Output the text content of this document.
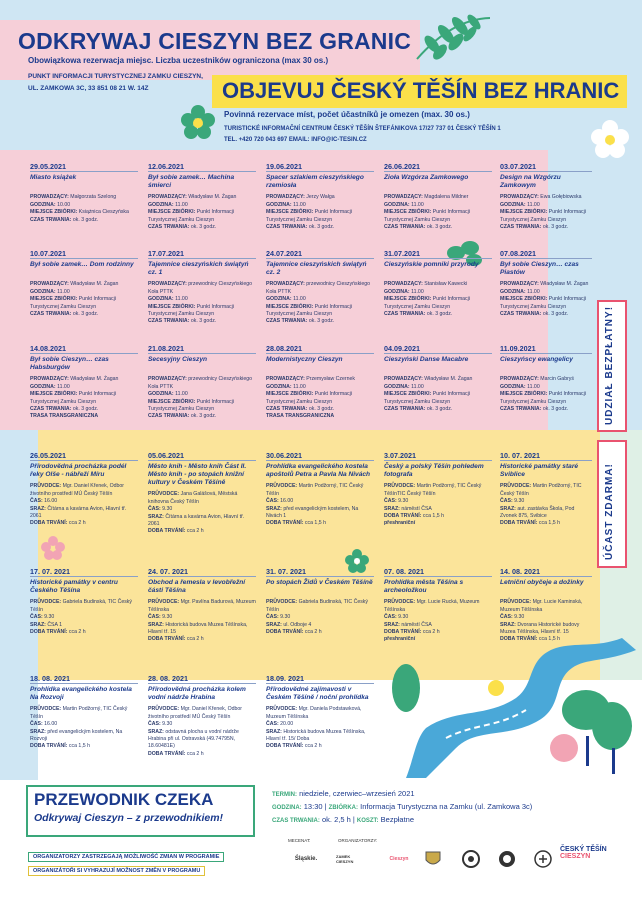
ODKRYWAJ CIESZYN BEZ GRANIC
Obowiązkowa rezerwacja miejsc. Liczba uczestników ograniczona (max 30 os.)
PUNKT INFORMACJI TURYSTYCZNEJ ZAMKU CIESZYN,
UL. ZAMKOWA 3C, 33 851 08 21 W. 14Z	OBJEVUJ ČESKÝ TĚŠÍN BEZ HRANIC
Povinná rezervace míst, počet účastníků je omezen (max. 30 os.)
TURISTICKÉ INFORMAČNÍ CENTRUM ČESKÝ TĚŠÍN ŠTEFÁNIKOVA 17/27 737 01 ČESKÝ TĚŠÍN 1
TEL. +420 720 043 697 EMAIL: INFO@IC-TESIN.CZ
UDZIAŁ BEZPŁATNY!
ÚČAST ZDARMA!
29.05.2021
Miasto książek
PROWADZĄCY: Małgorzata Szelong
GODZINA: 10.00
MIEJSCE ZBIÓRKI: Książnica Cieszyńska
CZAS TRWANIA: ok. 3 godz.
12.06.2021
Był sobie zamek… Machina śmierci
PROWADZĄCY: Władysław M. Żagan
GODZINA: 11.00
MIEJSCE ZBIÓRKI: Punkt Informacji Turystycznej Zamku Cieszyn
CZAS TRWANIA: ok. 3 godz.
19.06.2021
Spacer szlakiem cieszyńskiego rzemiosła
PROWADZĄCY: Jerzy Wałga
GODZINA: 11.00
MIEJSCE ZBIÓRKI: Punkt Informacji Turystycznej Zamku Cieszyn
CZAS TRWANIA: ok. 3 godz.
26.06.2021
Zioła Wzgórza Zamkowego
PROWADZĄCY: Magdalena Mildner
GODZINA: 11.00
MIEJSCE ZBIÓRKI: Punkt Informacji Turystycznej Zamku Cieszyn
CZAS TRWANIA: ok. 3 godz.
03.07.2021
Design na Wzgórzu Zamkowym
PROWADZĄCY: Ewa Gołębiowska
GODZINA: 11.00
MIEJSCE ZBIÓRKI: Punkt Informacji Turystycznej Zamku Cieszyn
CZAS TRWANIA: ok. 3 godz.
10.07.2021
Był sobie zamek… Dom rodzinny
PROWADZĄCY: Władysław M. Żagan
GODZINA: 11.00
MIEJSCE ZBIÓRKI: Punkt Informacji Turystycznej Zamku Cieszyn
CZAS TRWANIA: ok. 3 godz.
17.07.2021
Tajemnice cieszyńskich świątyń cz. 1
PROWADZĄCY: przewodnicy Cieszyńskiego Koła PTTK
GODZINA: 11.00
MIEJSCE ZBIÓRKI: Punkt Informacji Turystycznej Zamku Cieszyn
CZAS TRWANIA: ok. 3 godz.
24.07.2021
Tajemnice cieszyńskich świątyń cz. 2
PROWADZĄCY: przewodnicy Cieszyńskiego Koła PTTK
GODZINA: 11.00
MIEJSCE ZBIÓRKI: Punkt Informacji Turystycznej Zamku Cieszyn
CZAS TRWANIA: ok. 3 godz.
31.07.2021
Cieszyńskie pomniki przyrody
PROWADZĄCY: Stanisław Kawecki
GODZINA: 11.00
MIEJSCE ZBIÓRKI: Punkt Informacji Turystycznej Zamku Cieszyn
CZAS TRWANIA: ok. 3 godz.
07.08.2021
Był sobie Cieszyn… czas Piastów
PROWADZĄCY: Władysław M. Żagan
GODZINA: 11.00
MIEJSCE ZBIÓRKI: Punkt Informacji Turystycznej Zamku Cieszyn
CZAS TRWANIA: ok. 3 godz.
14.08.2021
Był sobie Cieszyn… czas Habsburgów
PROWADZĄCY: Władysław M. Żagan
GODZINA: 11.00
MIEJSCE ZBIÓRKI: Punkt Informacji Turystycznej Zamku Cieszyn
CZAS TRWANIA: ok. 3 godz.
TRASA TRANSGRANICZNA
21.08.2021
Secesyjny Cieszyn
PROWADZĄCY: przewodnicy Cieszyńskiego Koła PTTK
GODZINA: 11.00
MIEJSCE ZBIÓRKI: Punkt Informacji Turystycznej Zamku Cieszyn
CZAS TRWANIA: ok. 3 godz.
28.08.2021
Modernistyczny Cieszyn
PROWADZĄCY: Przemysław Czernek
GODZINA: 11.00
MIEJSCE ZBIÓRKI: Punkt Informacji Turystycznej Zamku Cieszyn
CZAS TRWANIA: ok. 3 godz.
TRASA TRANSGRANICZNA
04.09.2021
Cieszyński Danse Macabre
PROWADZĄCY: Władysław M. Żagan
GODZINA: 11.00
MIEJSCE ZBIÓRKI: Punkt Informacji Turystycznej Zamku Cieszyn
CZAS TRWANIA: ok. 3 godz.
11.09.2021
Cieszyńscy ewangelicy
PROWADZĄCY: Marcin Gabryś
GODZINA: 11.00
MIEJSCE ZBIÓRKI: Punkt Informacji Turystycznej Zamku Cieszyn
CZAS TRWANIA: ok. 3 godz.
26.05.2021
Přírodovědná procházka podél řeky Olše - nábřeží Míru
PRŮVODCE: Mgr. Daniel Křenek, Odbor životního prostředí MÚ Český Těšín
ČAS: 16.00
SRAZ: Čítárna a kavárna Avion, Hlavní tř. 2061
DOBA TRVÁNÍ: cca 2 h
05.06.2021
Město knih - Město knih Část II. Město knih - po stopách knižní kultury v Českém Těšíně
PRŮVODCE: Jana Galášová, Městská knihovna Český Těšín
ČAS: 9.30
SRAZ: Čítárna a kavárna Avion, Hlavní tř. 2061
DOBA TRVÁNÍ: cca 2 h
30.06.2021
Prohlídka evangelického kostela apoštolů Petra a Pavla Na Nivách
PRŮVODCE: Martin Podžorný, TIC Český Těšín
ČAS: 16.00
SRAZ: před evangelickým kostelem, Na Nivách 1
DOBA TRVÁNÍ: cca 1,5 h
3.07.2021
Český a polský Těšín pohledem fotografa
PRŮVODCE: Martin Podžorný, TIC Český TěšínTIC Český Těšín
ČAS: 9.30
SRAZ: náměstí ČSA
DOBA TRVÁNÍ: cca 1,5 h
přeshraniční
10. 07. 2021
Historické památky staré Sviblice
PRŮVODCE: Martin Podžorný, TIC Český Těšín
ČAS: 9.30
SRAZ: aut. zastávka Škola, Pod Zvonek 875, Svibice
DOBA TRVÁNÍ: cca 1,5 h
17. 07. 2021
Historické památky v centru Českého Těšína
PRŮVODCE: Gabriela Budinská, TIC Český Těšín
ČAS: 9.30
SRAZ: ČSA 1
DOBA TRVÁNÍ: cca 2 h
24. 07. 2021
Obchod a řemesla v levobřežní části Těšína
PRŮVODCE: Mgr. Pavlína Badurová, Muzeum Těšínska
ČAS: 9.30
SRAZ: Historická budova Muzea Těšínska, Hlavní tř. 15
DOBA TRVÁNÍ: cca 2 h
31. 07. 2021
Po stopách Židů v Českém Těšíně
PRŮVODCE: Gabriela Budinská, TIC Český Těšín
ČAS: 9.30
SRAZ: ul. Odbojе 4
DOBA TRVÁNÍ: cca 2 h
07. 08. 2021
Prohlídka města Těšína s archeoložkou
PRŮVODCE: Mgr. Lucie Rucká, Muzeum Těšínska
ČAS: 9.30
SRAZ: náměstí ČSA
DOBA TRVÁNÍ: cca 2 h
přeshraniční
14. 08. 2021
Letniční obyčeje a dožinky
PRŮVODCE: Mgr. Lucie Kaminská, Muzeum Těšínska
ČAS: 9.30
SRAZ: Dvorana Historické budovy Muzea Těšínska, Hlavní tř. 15
DOBA TRVÁNÍ: cca 1,5 h
18. 08. 2021
Prohlídka evangelického kostela Na Rozvoji
PRŮVODCE: Martin Podžorný, TIC Český Těšín
ČAS: 16.00
SRAZ: před evangelickým kostelem, Na Rozvoji
DOBA TRVÁNÍ: cca 1,5 h
28. 08. 2021
Přírodovědná procházka kolem vodní nádrže Hrabina
PRŮVODCE: Mgr. Daniel Křenek, Odbor životního prostředí MÚ Český Těšín
ČAS: 9.30
SRAZ: odstavná plocha u vodní nádrže Hrabina při ul. Ostravská (49.74795N, 18.60481E)
DOBA TRVÁNÍ: cca 2 h
18.09. 2021
Přírodovědné zajímavosti v Českém Těšíně / noční prohlídka
PRŮVODCE: Mgr. Daniela Podstawková, Muzeum Těšínska
ČAS: 20.00
SRAZ: Historická budova Muzea Těšínska, Hlavní tř. 15/ Doba
DOBA TRVÁNÍ: cca 2 h
PRZEWODNIK CZEKA
Odkrywaj Cieszyn – z przewodnikiem!
TERMIN: niedziele, czerwiec–wrzesień 2021
GODZINA: 13:30 | ZBIÓRKA: Informacja Turystyczna na Zamku (ul. Zamkowa 3c)
CZAS TRWANIA: ok. 2,5 h | KOSZT: Bezpłatne
ORGANIZATORZY ZASTRZEGAJĄ MOŻLIWOŚĆ ZMIAN W PROGRAMIE
ORGANIZÁTOŘI SI VYHRAZUJÍ MOŽNOST ZMĚN V PROGRAMU
MECENAT:	ORGANIZATORZY:
Śląskie.	ZAMEK CIESZYN	Cieszyn
ČESKÝ TĚŠÍN
CIESZYN
